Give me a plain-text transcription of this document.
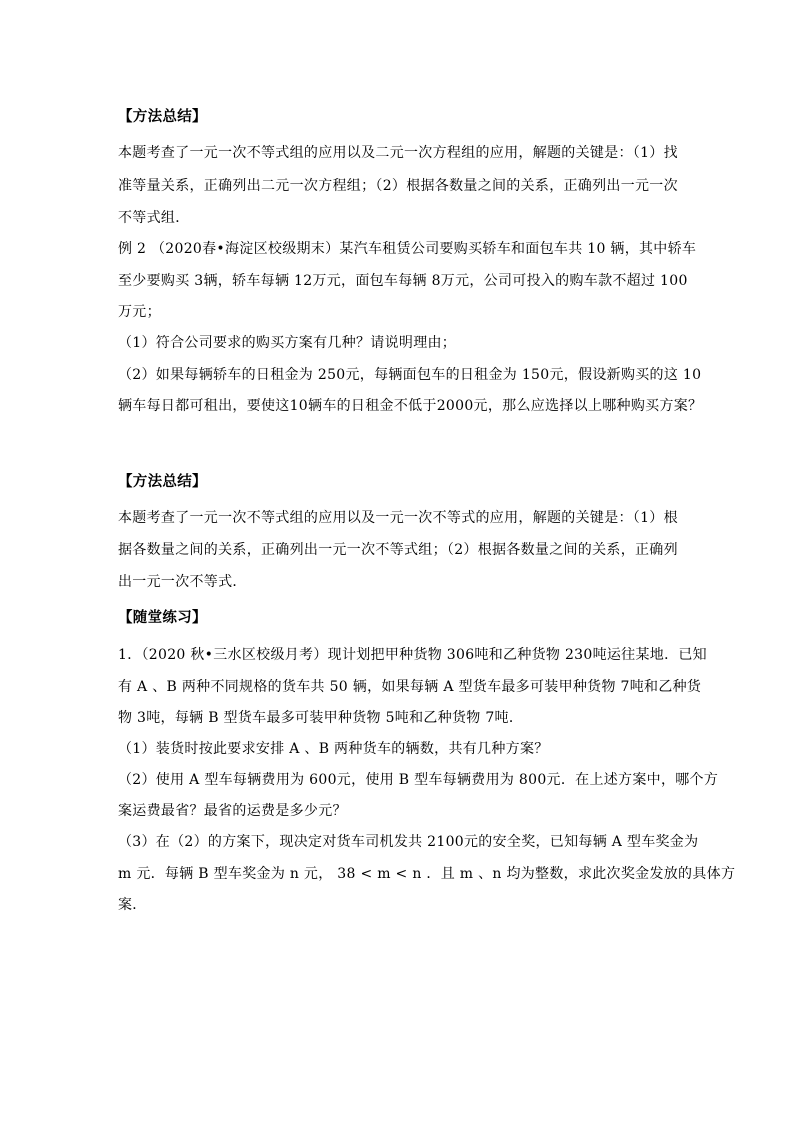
【方法总结】
本题考查了一元一次不等式组的应用以及二元一次方程组的应用，解题的关键是：（1）找
准等量关系，正确列出二元一次方程组；（2）根据各数量之间的关系，正确列出一元一次
不等式组．
例 2 （2020春•海淀区校级期末）某汽车租赁公司要购买轿车和面包车共 10 辆，其中轿车
至少要购买 3辆，轿车每辆 12万元，面包车每辆 8万元，公司可投入的购车款不超过 100
万元；
（1）符合公司要求的购买方案有几种？请说明理由；
（2）如果每辆轿车的日租金为 250元，每辆面包车的日租金为 150元，假设新购买的这 10
辆车每日都可租出，要使这10辆车的日租金不低于2000元，那么应选择以上哪种购买方案？
【方法总结】
本题考查了一元一次不等式组的应用以及一元一次不等式的应用，解题的关键是：（1）根
据各数量之间的关系，正确列出一元一次不等式组；（2）根据各数量之间的关系，正确列
出一元一次不等式．
【随堂练习】
1．（2020 秋•三水区校级月考）现计划把甲种货物 306吨和乙种货物 230吨运往某地．已知
有 A 、B 两种不同规格的货车共 50 辆，如果每辆 A 型货车最多可装甲种货物 7吨和乙种货
物 3吨，每辆 B 型货车最多可装甲种货物 5吨和乙种货物 7吨．
（1）装货时按此要求安排 A 、B 两种货车的辆数，共有几种方案？
（2）使用 A 型车每辆费用为 600元，使用 B 型车每辆费用为 800元．在上述方案中，哪个方
案运费最省？最省的运费是多少元？
（3）在（2）的方案下，现决定对货车司机发共 2100元的安全奖，已知每辆 A 型车奖金为
m 元．每辆 B 型车奖金为 n 元， 38 < m < n ．且 m 、n 均为整数，求此次奖金发放的具体方
案．
